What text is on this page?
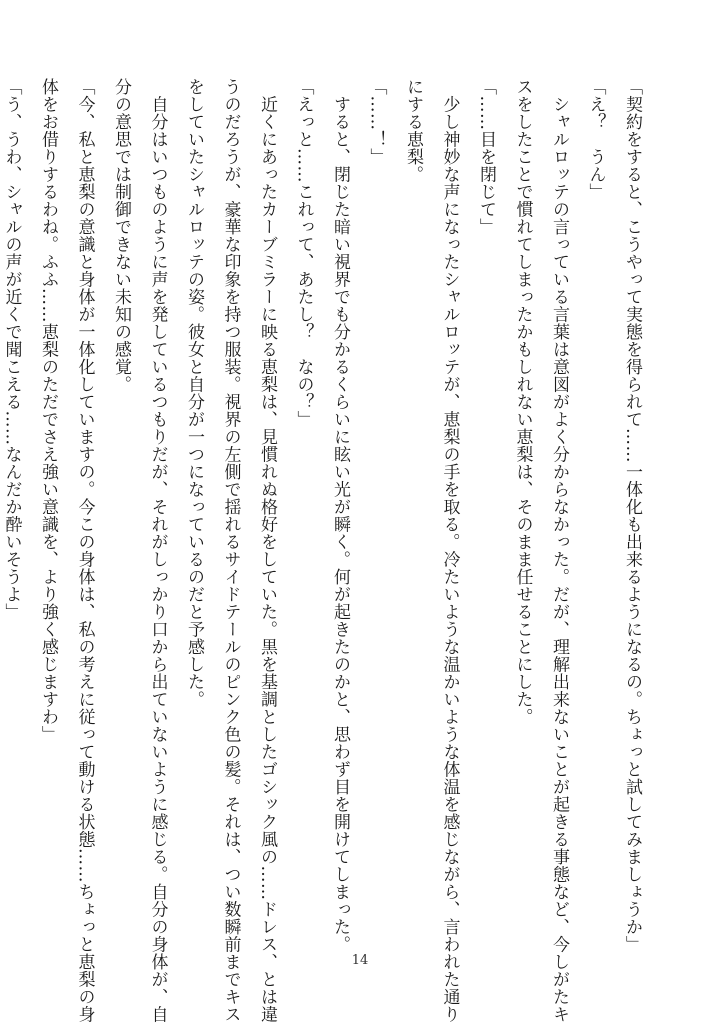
「契約をすると、こうやって実態を得られて……一体化も出来るようになるの。ちょっと試してみましょうか」

「え？　うん」

　シャルロッテの言っている言葉は意図がよく分からなかった。だが、理解出来ないことが起きる事態など、今しがたキ

スをしたことで慣れてしまったかもしれない恵梨は、そのまま任せることにした。

「……目を閉じて」

　少し神妙な声になったシャルロッテが、恵梨の手を取る。冷たいような温かいような体温を感じながら、言われた通り

にする恵梨。

「……！」

　すると、閉じた暗い視界でも分かるくらいに眩い光が瞬く。何が起きたのかと、思わず目を開けてしまった。

「えっと……これって、あたし？　なの？」

　近くにあったカーブミラーに映る恵梨は、見慣れぬ格好をしていた。黒を基調としたゴシック風の……ドレス、とは違

うのだろうが、豪華な印象を持つ服装。視界の左側で揺れるサイドテールのピンク色の髪。それは、つい数瞬前までキス

をしていたシャルロッテの姿。彼女と自分が一つになっているのだと予感した。

　自分はいつものように声を発しているつもりだが、それがしっかり口から出ていないように感じる。自分の身体が、自

分の意思では制御できない未知の感覚。

「今、私と恵梨の意識と身体が一体化していますの。今この身体は、私の考えに従って動ける状態……ちょっと恵梨の身

体をお借りするわね。ふふ……恵梨のただでさえ強い意識を、より強く感じますわ」

「う、うわ、シャルの声が近くで聞こえる……なんだか酔いそうよ」

14
